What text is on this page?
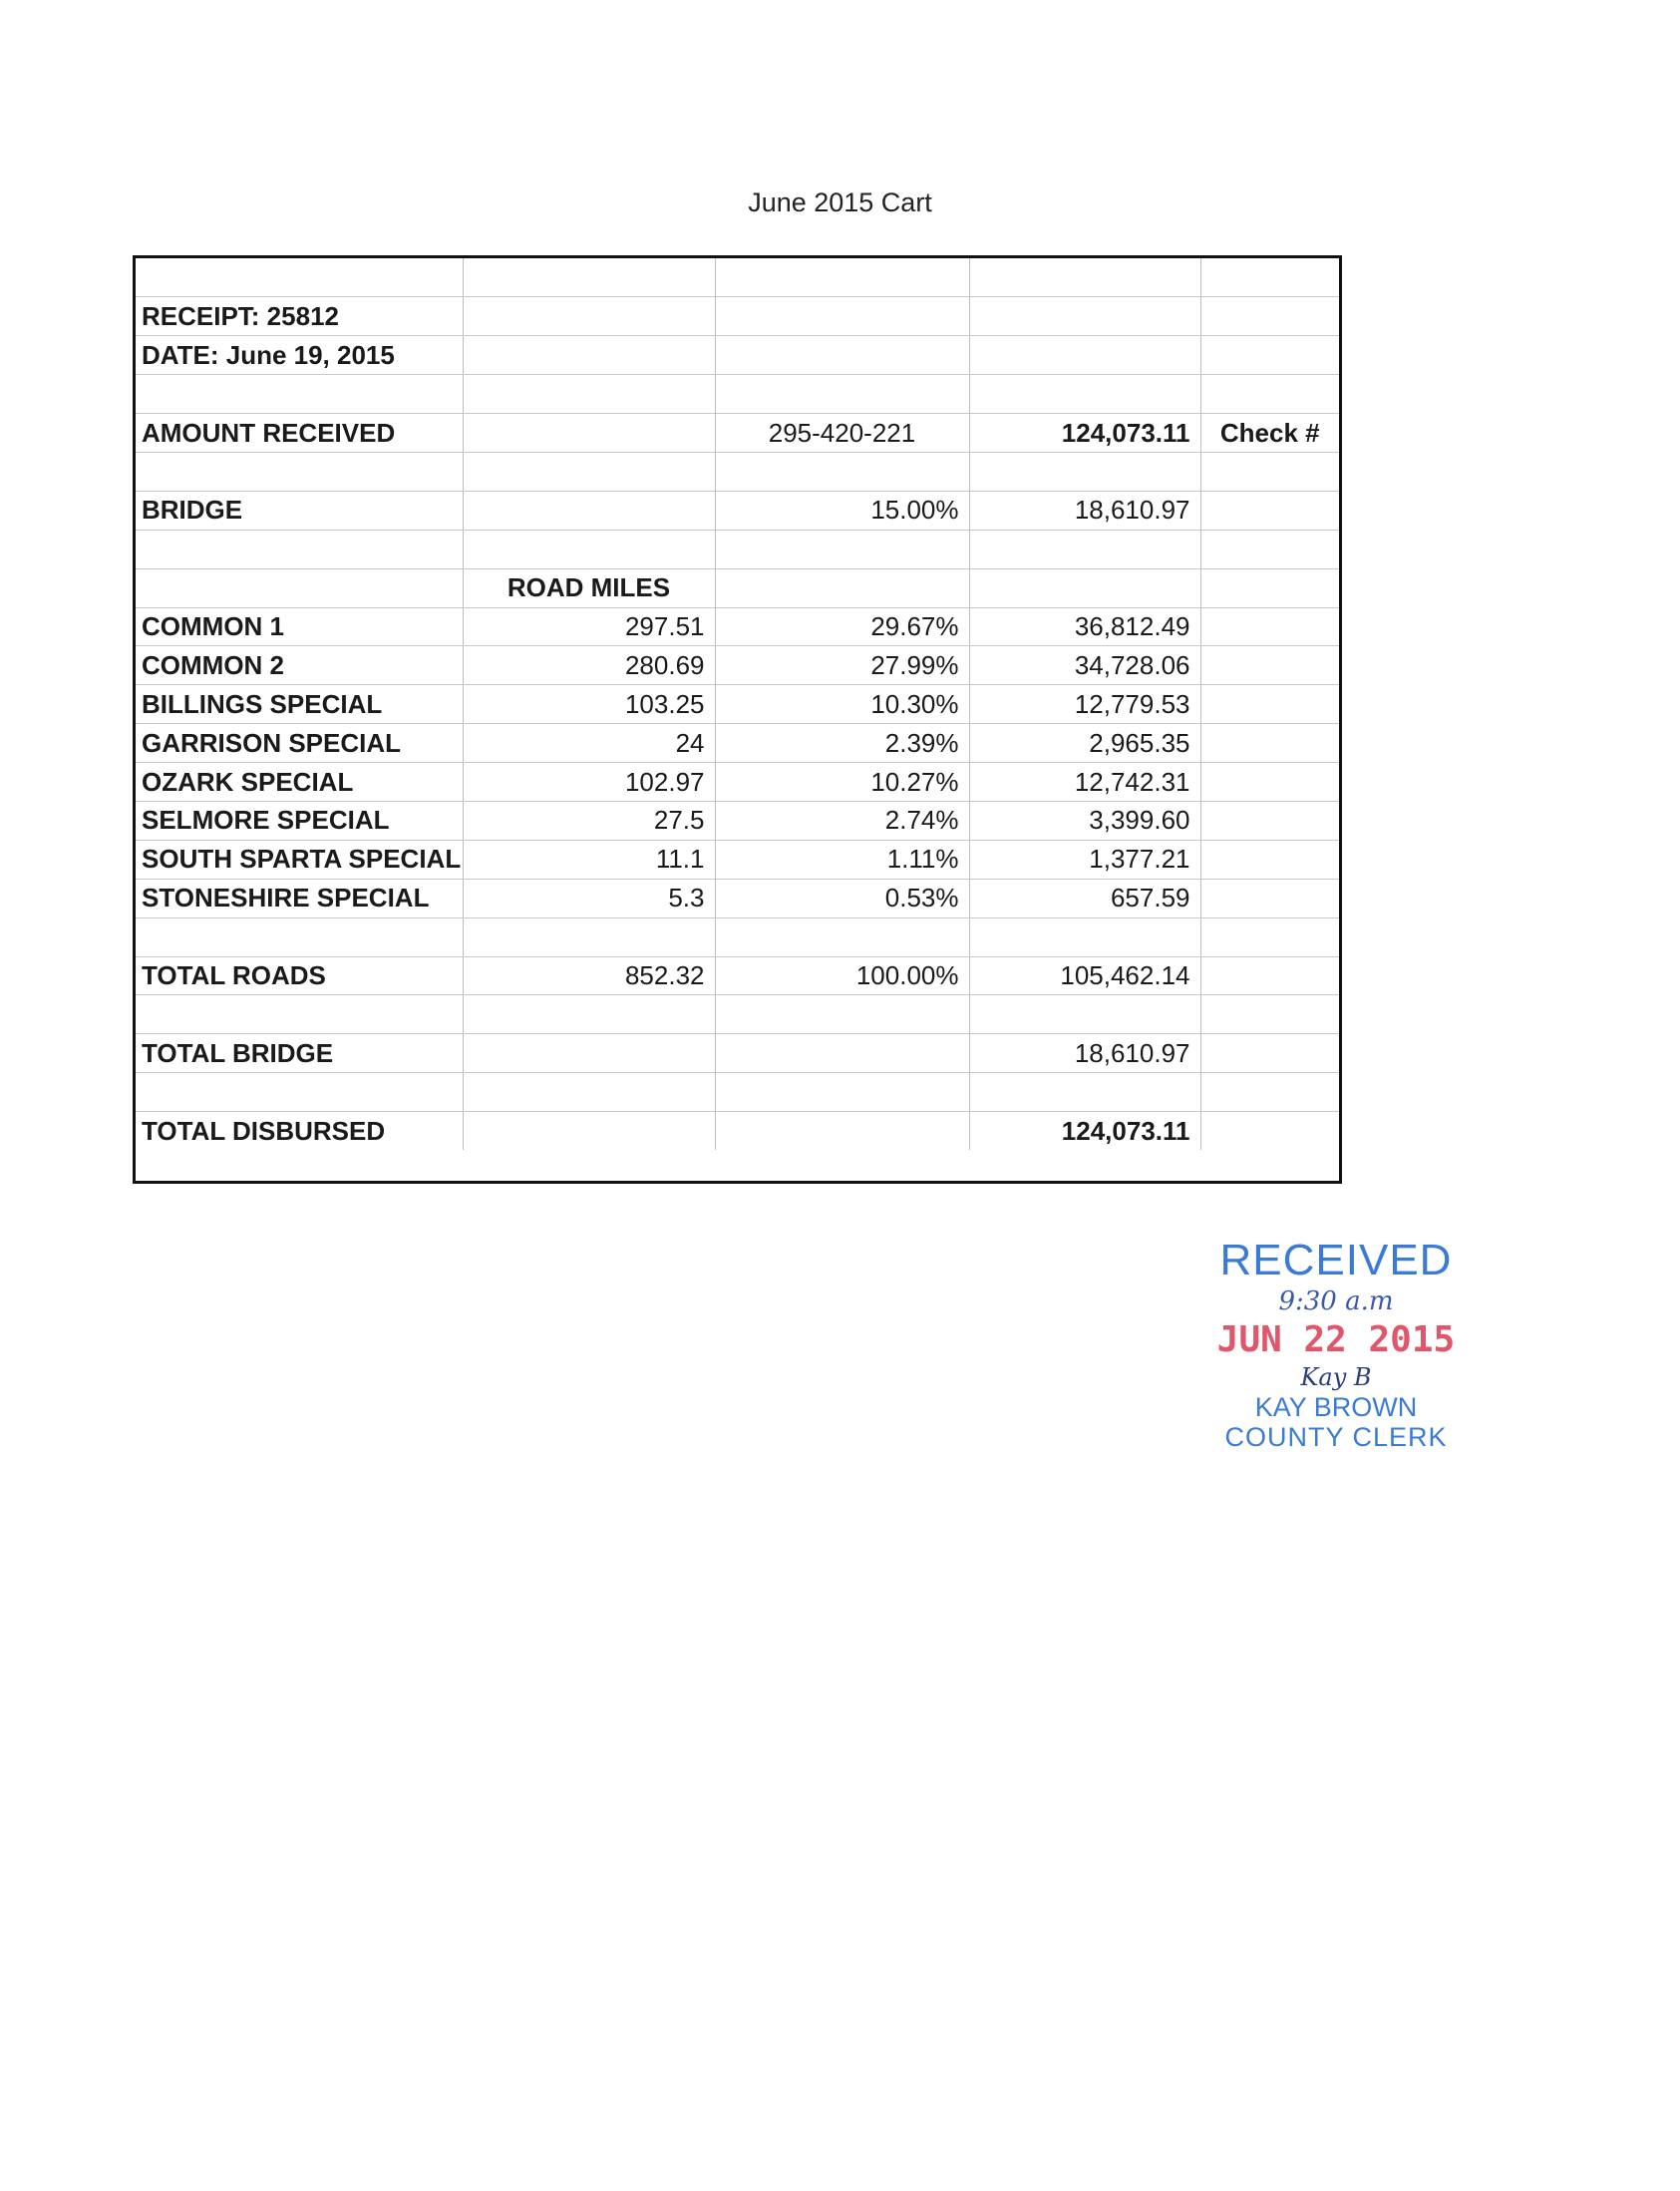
June 2015 Cart

RECEIPT: 25812				
DATE: June 19, 2015				

AMOUNT RECEIVED		295-420-221	124,073.11	Check #

BRIDGE		15.00%	18,610.97	

	ROAD MILES			
COMMON 1	297.51	29.67%	36,812.49	
COMMON 2	280.69	27.99%	34,728.06	
BILLINGS SPECIAL	103.25	10.30%	12,779.53	
GARRISON SPECIAL	24	2.39%	2,965.35	
OZARK SPECIAL	102.97	10.27%	12,742.31	
SELMORE SPECIAL	27.5	2.74%	3,399.60	
SOUTH SPARTA SPECIAL	11.1	1.11%	1,377.21	
STONESHIRE SPECIAL	5.3	0.53%	657.59	

TOTAL ROADS	852.32	100.00%	105,462.14	

TOTAL BRIDGE			18,610.97	

TOTAL DISBURSED			124,073.11	
RECEIVED
9:30 a.m
JUN 22 2015
Kay B
KAY BROWN
COUNTY CLERK
